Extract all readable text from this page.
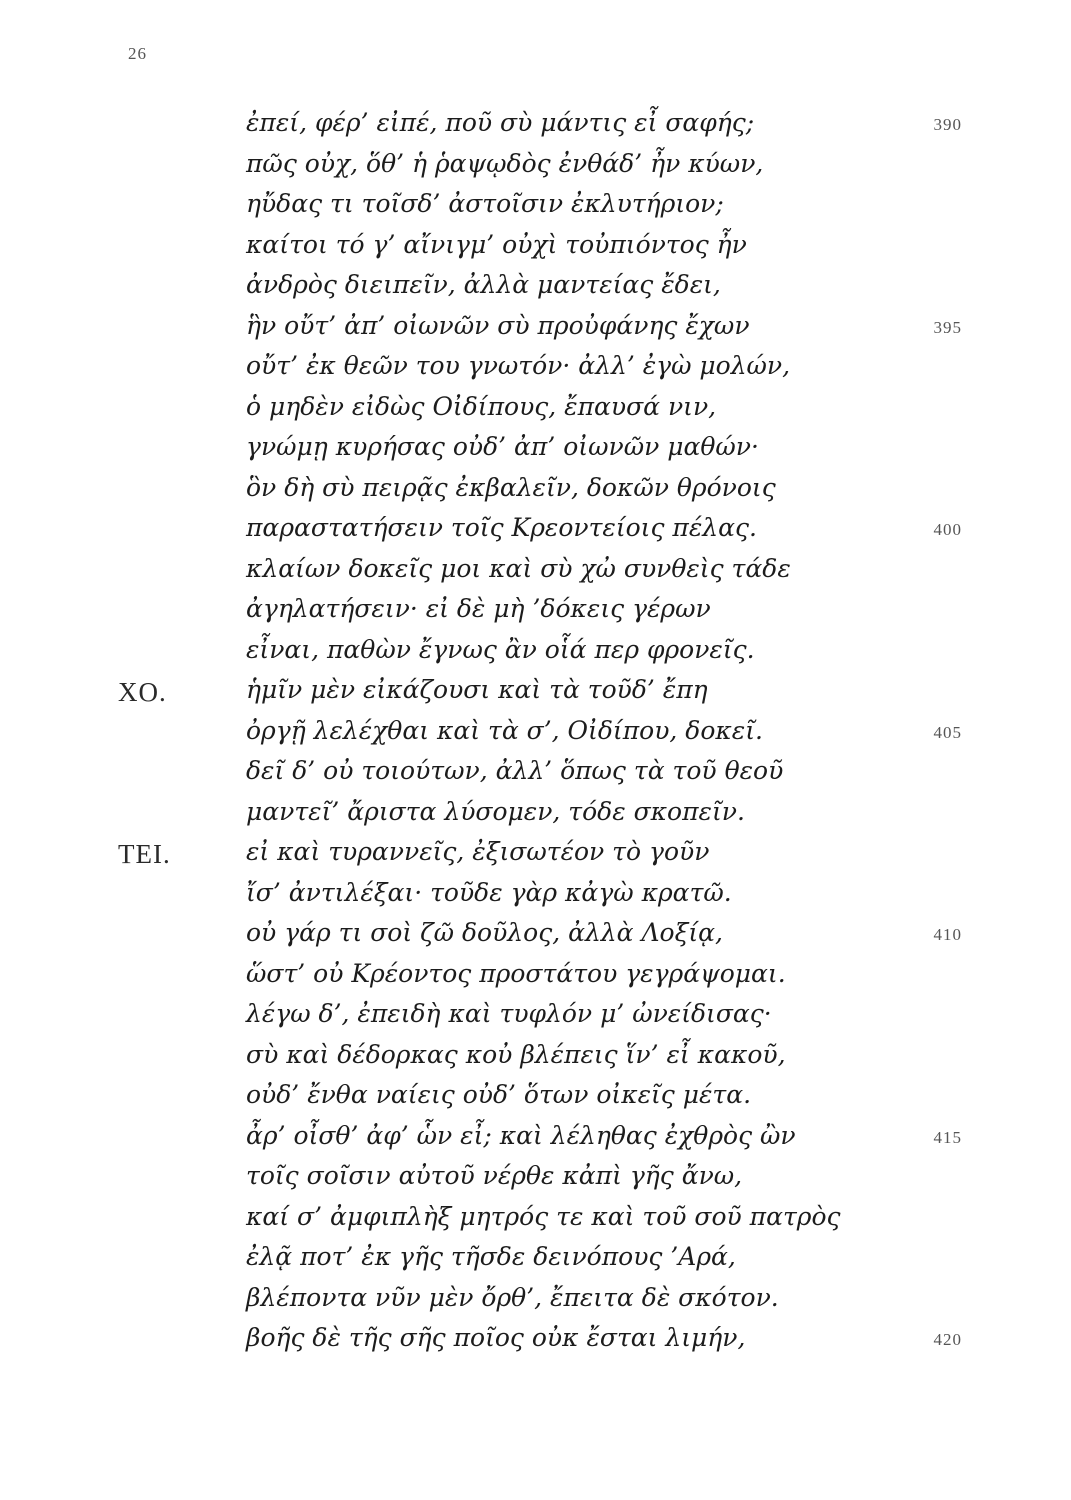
26
ἐπεί, φέρ’ εἰπέ, ποῦ σὺ μάντις εἶ σαφής;	390
πῶς οὐχ, ὅθ’ ἡ ῥαψῳδὸς ἐνθάδ’ ἦν κύων,
ηὔδας τι τοῖσδ’ ἀστοῖσιν ἐκλυτήριον;
καίτοι τό γ’ αἴνιγμ’ οὐχὶ τοὐπιόντος ἦν
ἀνδρὸς διειπεῖν, ἀλλὰ μαντείας ἔδει,
ἣν οὔτ’ ἀπ’ οἰωνῶν σὺ προὐφάνης ἔχων	395
οὔτ’ ἐκ θεῶν του γνωτόν· ἀλλ’ ἐγὼ μολών,
ὁ μηδὲν εἰδὼς Οἰδίπους, ἔπαυσά νιν,
γνώμῃ κυρήσας οὐδ’ ἀπ’ οἰωνῶν μαθών·
ὃν δὴ σὺ πειρᾷς ἐκβαλεῖν, δοκῶν θρόνοις
παραστατήσειν τοῖς Κρεοντείοις πέλας.	400
κλαίων δοκεῖς μοι καὶ σὺ χὠ συνθεὶς τάδε
ἀγηλατήσειν· εἰ δὲ μὴ ’δόκεις γέρων
εἶναι, παθὼν ἔγνως ἂν οἷά περ φρονεῖς.
ΧΟ.	ἡμῖν μὲν εἰκάζουσι καὶ τὰ τοῦδ’ ἔπη
ὀργῇ λελέχθαι καὶ τὰ σ’, Οἰδίπου, δοκεῖ.	405
δεῖ δ’ οὐ τοιούτων, ἀλλ’ ὅπως τὰ τοῦ θεοῦ
μαντεῖ’ ἄριστα λύσομεν, τόδε σκοπεῖν.
ΤΕΙ.	εἰ καὶ τυραννεῖς, ἐξισωτέον τὸ γοῦν
ἴσ’ ἀντιλέξαι· τοῦδε γὰρ κἀγὼ κρατῶ.
οὐ γάρ τι σοὶ ζῶ δοῦλος, ἀλλὰ Λοξίᾳ,	410
ὥστ’ οὐ Κρέοντος προστάτου γεγράψομαι.
λέγω δ’, ἐπειδὴ καὶ τυφλόν μ’ ὠνείδισας·
σὺ καὶ δέδορκας κοὐ βλέπεις ἵν’ εἶ κακοῦ,
οὐδ’ ἔνθα ναίεις οὐδ’ ὅτων οἰκεῖς μέτα.
ἆρ’ οἶσθ’ ἀφ’ ὧν εἶ; καὶ λέληθας ἐχθρὸς ὢν	415
τοῖς σοῖσιν αὐτοῦ νέρθε κἀπὶ γῆς ἄνω,
καί σ’ ἀμφιπλὴξ μητρός τε καὶ τοῦ σοῦ πατρὸς
ἐλᾷ ποτ’ ἐκ γῆς τῆσδε δεινόπους ’Αρά,
βλέποντα νῦν μὲν ὄρθ’, ἔπειτα δὲ σκότον.
βοῆς δὲ τῆς σῆς ποῖος οὐκ ἔσται λιμήν,	420
